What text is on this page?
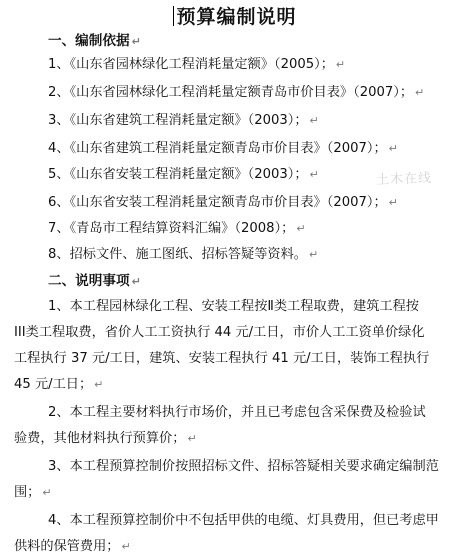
预算编制说明
一、编制依据 ↵
1、《山东省园林绿化工程消耗量定额》（2005）； ↵
2、《山东省园林绿化工程消耗量定额青岛市价目表》（2007）； ↵
3、《山东省建筑工程消耗量定额》（2003）； ↵
4、《山东省建筑工程消耗量定额青岛市价目表》（2007）； ↵
5、《山东省安装工程消耗量定额》（2003）； ↵
6、《山东省安装工程消耗量定额青岛市价目表》（2007）； ↵
7、《青岛市工程结算资料汇编》（2008）； ↵
8、招标文件、施工图纸、招标答疑等资料。 ↵
二、说明事项 ↵
1、本工程园林绿化工程、安装工程按Ⅱ类工程取费，建筑工程按
III类工程取费，省价人工工资执行 44 元/工日，市价人工工资单价绿化
工程执行 37 元/工日，建筑、安装工程执行 41 元/工日，装饰工程执行
45 元/工日； ↵
2、本工程主要材料执行市场价，并且已考虑包含采保费及检验试
验费，其他材料执行预算价； ↵
3、本工程预算控制价按照招标文件、招标答疑相关要求确定编制范
围； ↵
4、本工程预算控制价中不包括甲供的电缆、灯具费用，但已考虑甲
供料的保管费用； ↵
土木在线
